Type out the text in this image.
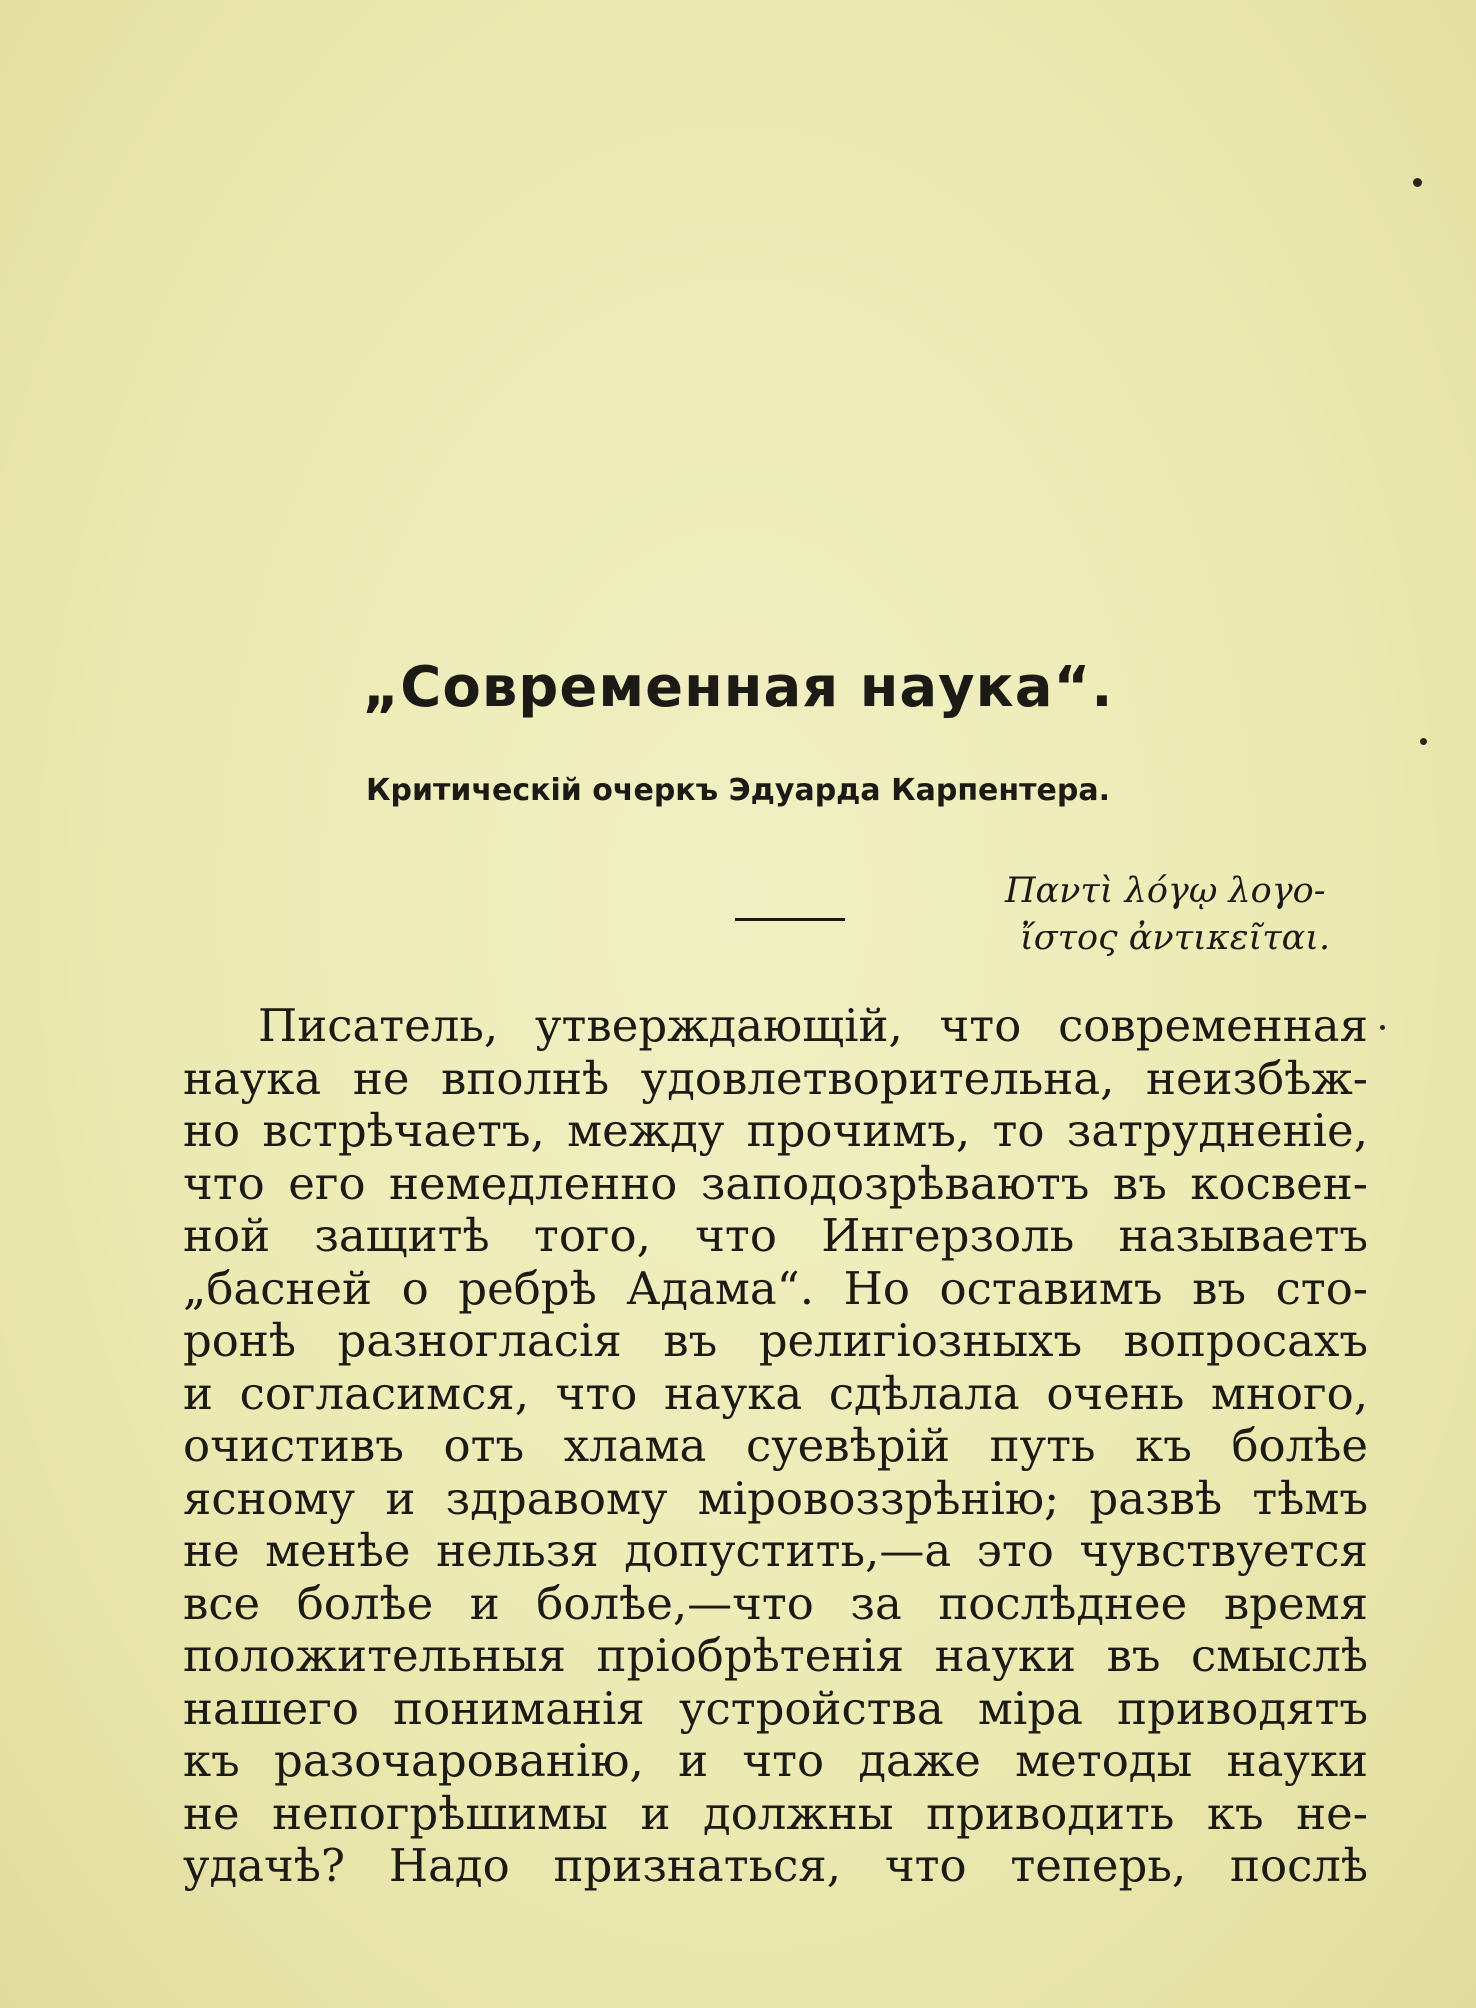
„Современная наука“.
Критическій очеркъ Эдуарда Карпентера.
Παντὶ λόγῳ λογο-
ἴστος ἀντικεῖται.
Писатель, утверждающій, что современная
наука не вполнѣ удовлетворительна, неизбѣж-
но встрѣчаетъ, между прочимъ, то затрудненіе,
что его немедленно заподозрѣваютъ въ косвен-
ной защитѣ того, что Ингерзоль называетъ
„басней о ребрѣ Адама“. Но оставимъ въ сто-
ронѣ разногласія въ религіозныхъ вопросахъ
и согласимся, что наука сдѣлала очень много,
очистивъ отъ хлама суевѣрій путь къ болѣе
ясному и здравому міровоззрѣнію; развѣ тѣмъ
не менѣе нельзя допустить,—а это чувствуется
все болѣе и болѣе,—что за послѣднее время
положительныя пріобрѣтенія науки въ смыслѣ
нашего пониманія устройства міра приводятъ
къ разочарованію, и что даже методы науки
не непогрѣшимы и должны приводить къ не-
удачѣ? Надо признаться, что теперь, послѣ
